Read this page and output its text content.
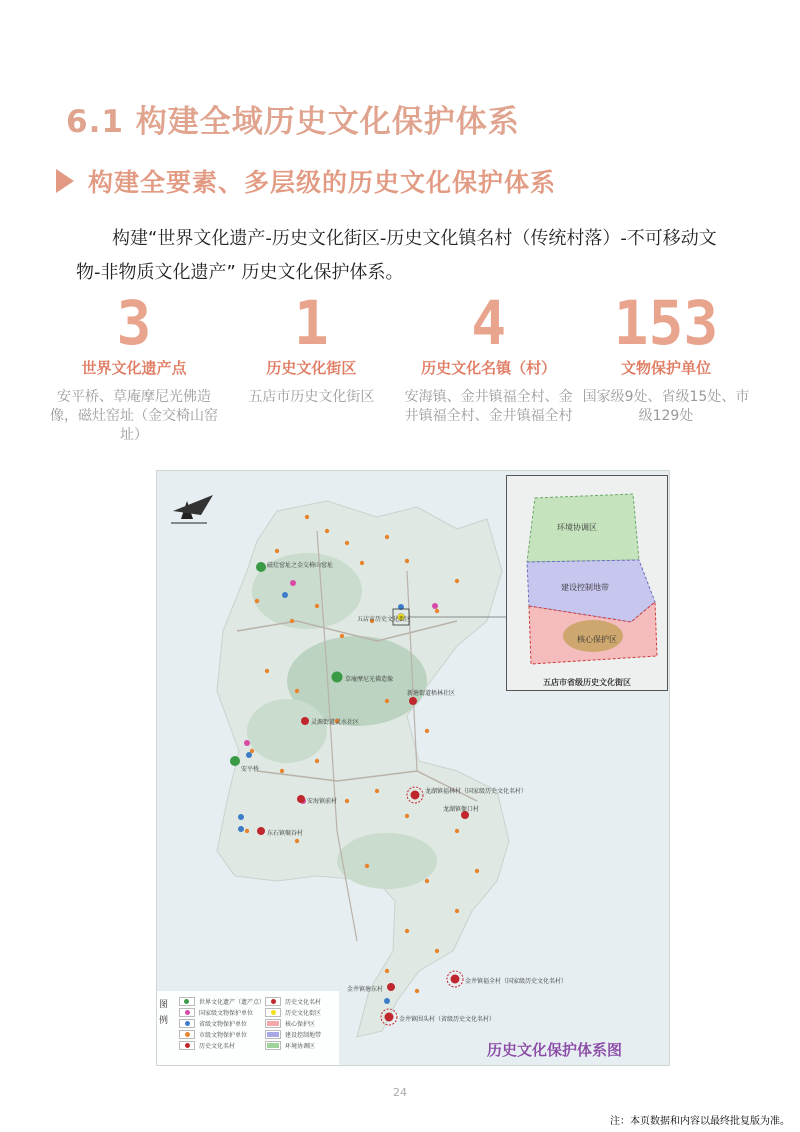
6.1 构建全域历史文化保护体系
构建全要素、多层级的历史文化保护体系
构建“世界文化遗产-历史文化街区-历史文化镇名村（传统村落）-不可移动文物-非物质文化遗产” 历史文化保护体系。
3
世界文化遗产点
安平桥、草庵摩尼光佛造像，磁灶窑址（金交椅山窑址）
1
历史文化街区
五店市历史文化街区
4
历史文化名镇（村）
安海镇、金井镇福全村、金井镇福全村、金井镇福全村
153
文物保护单位
国家级9处、省级15处、市级129处
磁灶窑址之金交椅山窑址
五店市历史文化街区
草庵摩尼光佛造像
新塘街道梧林社区
灵源街道灵水社区
安平桥
安海镇前村
龙湖镇福林村（国家级历史文化名村）
东石镇檗谷村
龙湖镇衙口村
金井镇福全村（国家级历史文化名村）
金井镇围头村（省级历史文化名村）
金井镇塘东村
环境协调区
建设控制地带
核心保护区
五店市省级历史文化街区
图例
世界文化遗产（遗产点）	历史文化名村
国家级文物保护单位	历史文化街区
省级文物保护单位	核心保护区
市级文物保护单位	建设控制地带
历史文化名村	环境协调区	历史文化保护体系图
24
注：本页数据和内容以最终批复版为准。
